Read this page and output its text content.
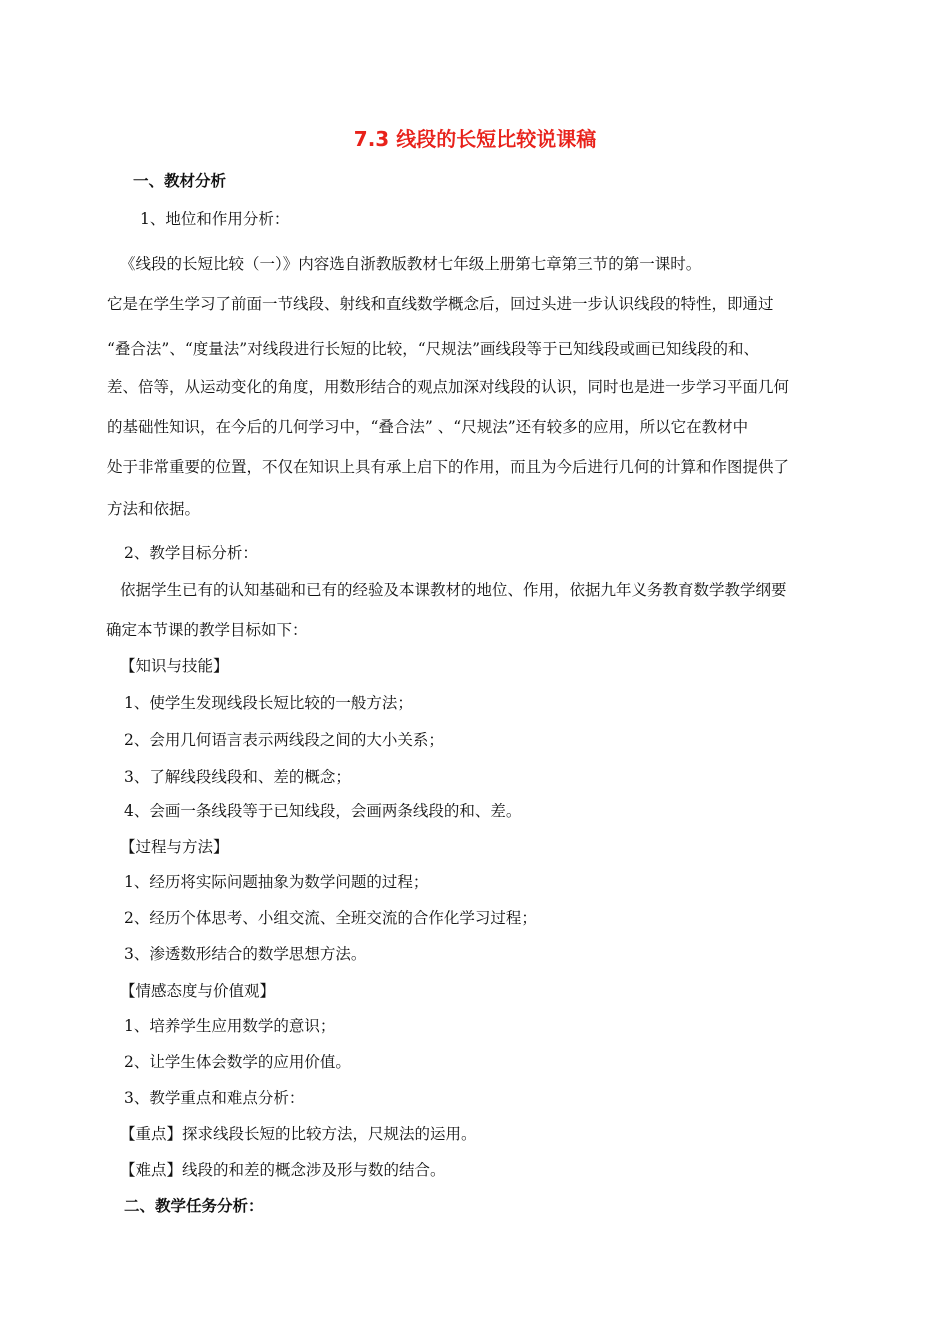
7.3 线段的长短比较说课稿
一、教材分析
1、地位和作用分析：
《线段的长短比较（一）》内容选自浙教版教材七年级上册第七章第三节的第一课时。
它是在学生学习了前面一节线段、射线和直线数学概念后，回过头进一步认识线段的特性，即通过
“叠合法”、“度量法”对线段进行长短的比较，“尺规法”画线段等于已知线段或画已知线段的和、
差、倍等，从运动变化的角度，用数形结合的观点加深对线段的认识，同时也是进一步学习平面几何
的基础性知识，在今后的几何学习中，“叠合法” 、“尺规法”还有较多的应用，所以它在教材中
处于非常重要的位置，不仅在知识上具有承上启下的作用，而且为今后进行几何的计算和作图提供了
方法和依据。
2、教学目标分析：
依据学生已有的认知基础和已有的经验及本课教材的地位、作用，依据九年义务教育数学教学纲要
确定本节课的教学目标如下：
【知识与技能】
1、使学生发现线段长短比较的一般方法；
2、会用几何语言表示两线段之间的大小关系；
3、了解线段线段和、差的概念；
4、会画一条线段等于已知线段，会画两条线段的和、差。
【过程与方法】
1、经历将实际问题抽象为数学问题的过程；
2、经历个体思考、小组交流、全班交流的合作化学习过程；
3、渗透数形结合的数学思想方法。
【情感态度与价值观】
1、培养学生应用数学的意识；
2、让学生体会数学的应用价值。
3、教学重点和难点分析：
【重点】探求线段长短的比较方法，尺规法的运用。
【难点】线段的和差的概念涉及形与数的结合。
二、教学任务分析：
